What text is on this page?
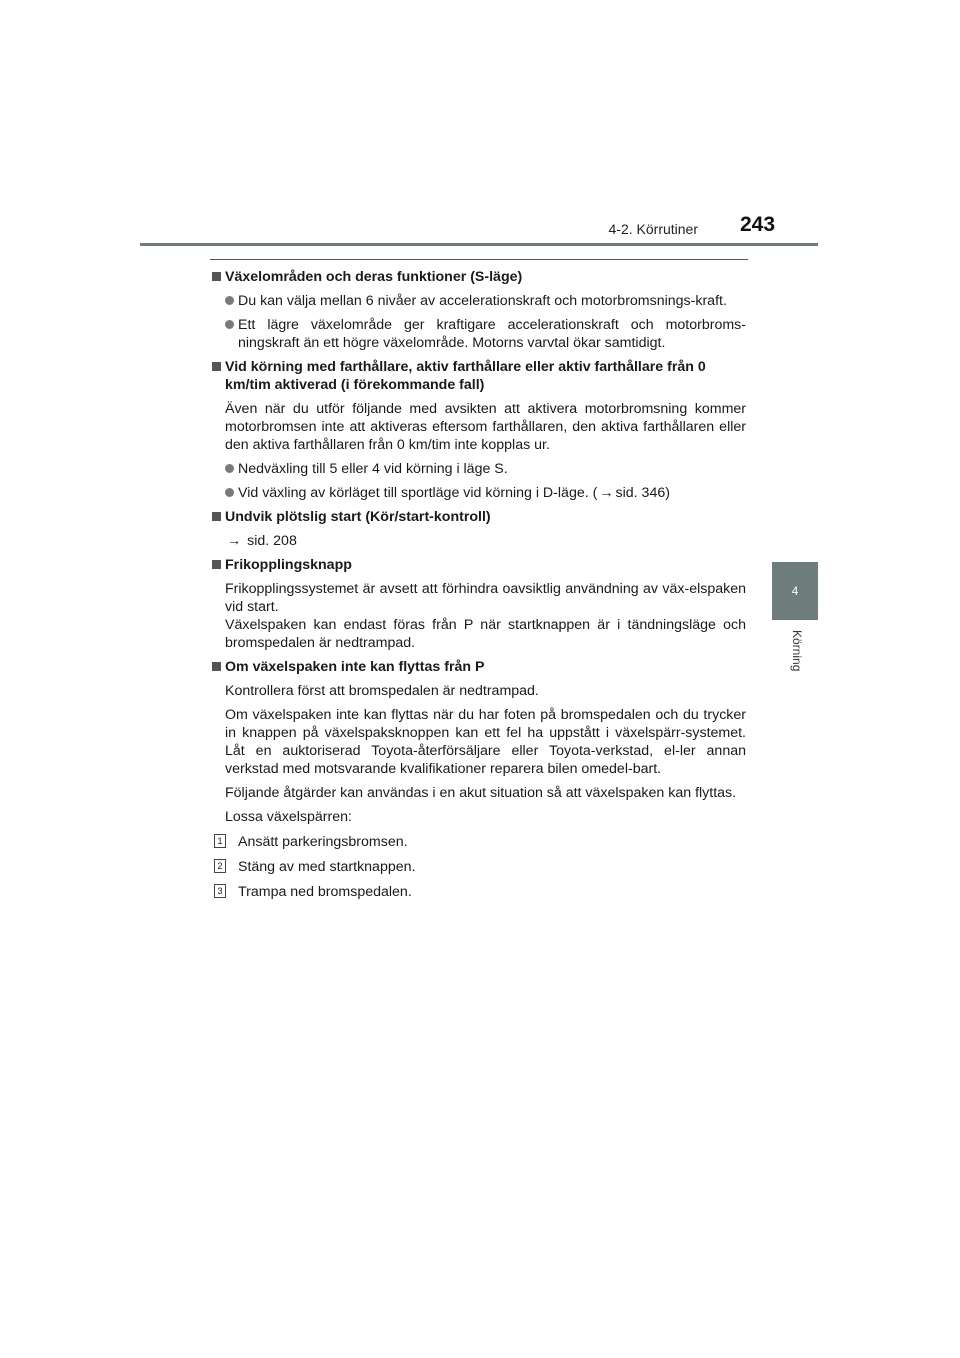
4-2. Körrutiner 243
4
Körning
Växelområden och deras funktioner (S-läge)
Du kan välja mellan 6 nivåer av accelerationskraft och motorbromsnings-kraft.
Ett lägre växelområde ger kraftigare accelerationskraft och motorbroms-ningskraft än ett högre växelområde. Motorns varvtal ökar samtidigt.
Vid körning med farthållare, aktiv farthållare eller aktiv farthållare från 0 km/tim aktiverad (i förekommande fall)
Även när du utför följande med avsikten att aktivera motorbromsning kommer motorbromsen inte att aktiveras eftersom farthållaren, den aktiva farthållaren eller den aktiva farthållaren från 0 km/tim inte kopplas ur.
Nedväxling till 5 eller 4 vid körning i läge S.
Vid växling av körläget till sportläge vid körning i D-läge. ( → sid. 346)
Undvik plötslig start (Kör/start-kontroll)
→ sid. 208
Frikopplingsknapp
Frikopplingssystemet är avsett att förhindra oavsiktlig användning av väx-elspaken vid start.
Växelspaken kan endast föras från P när startknappen är i tändningsläge och bromspedalen är nedtrampad.
Om växelspaken inte kan flyttas från P
Kontrollera först att bromspedalen är nedtrampad.
Om växelspaken inte kan flyttas när du har foten på bromspedalen och du trycker in knappen på växelspaksknoppen kan ett fel ha uppstått i växelspärr-systemet. Låt en auktoriserad Toyota-återförsäljare eller Toyota-verkstad, el-ler annan verkstad med motsvarande kvalifikationer reparera bilen omedel-bart.
Följande åtgärder kan användas i en akut situation så att växelspaken kan flyttas.
Lossa växelspärren:
1 Ansätt parkeringsbromsen.
2 Stäng av med startknappen.
3 Trampa ned bromspedalen.
